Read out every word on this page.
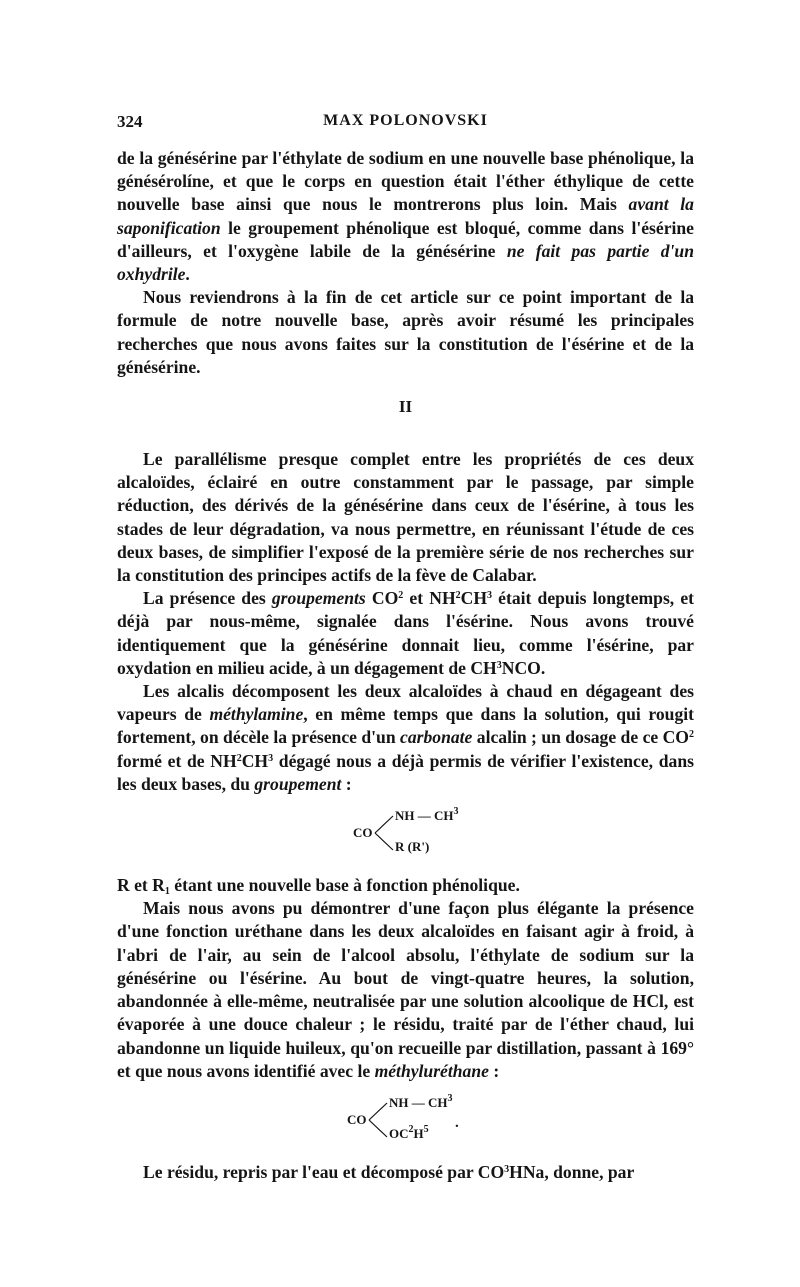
324	MAX POLONOVSKI

de la génésérine par l'éthylate de sodium en une nouvelle base phénolique, la génésérolíne, et que le corps en question était l'éther éthylique de cette nouvelle base ainsi que nous le montrerons plus loin. Mais avant la saponification le groupement phénolique est bloqué, comme dans l'ésérine d'ailleurs, et l'oxygène labile de la génésérine ne fait pas partie d'un oxhydrile.

Nous reviendrons à la fin de cet article sur ce point important de la formule de notre nouvelle base, après avoir résumé les principales recherches que nous avons faites sur la constitution de l'ésérine et de la génésérine.

II

Le parallélisme presque complet entre les propriétés de ces deux alcaloïdes, éclairé en outre constamment par le passage, par simple réduction, des dérivés de la génésérine dans ceux de l'ésérine, à tous les stades de leur dégradation, va nous permettre, en réunissant l'étude de ces deux bases, de simplifier l'exposé de la première série de nos recherches sur la constitution des principes actifs de la fève de Calabar.

La présence des groupements $CO^2$ et $NH^2CH^3$ était depuis longtemps, et déjà par nous-même, signalée dans l'ésérine. Nous avons trouvé identiquement que la génésérine donnait lieu, comme l'ésérine, par oxydation en milieu acide, à un dégagement de $CH^3NCO$.

Les alcalis décomposent les deux alcaloïdes à chaud en dégageant des vapeurs de méthylamine, en même temps que dans la solution, qui rougit fortement, on décèle la présence d'un carbonate alcalin ; un dosage de ce $CO^2$ formé et de $NH^2CH^3$ dégagé nous a déjà permis de vérifier l'existence, dans les deux bases, du groupement :

CO
NH — $CH^3$
R (R')

R et $R_1$ étant une nouvelle base à fonction phénolique.

Mais nous avons pu démontrer d'une façon plus élégante la présence d'une fonction uréthane dans les deux alcaloïdes en faisant agir à froid, à l'abri de l'air, au sein de l'alcool absolu, l'éthylate de sodium sur la génésérine ou l'ésérine. Au bout de vingt-quatre heures, la solution, abandonnée à elle-même, neutralisée par une solution alcoolique de HCl, est évaporée à une douce chaleur ; le résidu, traité par de l'éther chaud, lui abandonne un liquide huileux, qu'on recueille par distillation, passant à 169° et que nous avons identifié avec le méthyluréthane :

CO
NH — $CH^3$
$OC^2H^5$ .

Le résidu, repris par l'eau et décomposé par $CO^3HNa$, donne, par
